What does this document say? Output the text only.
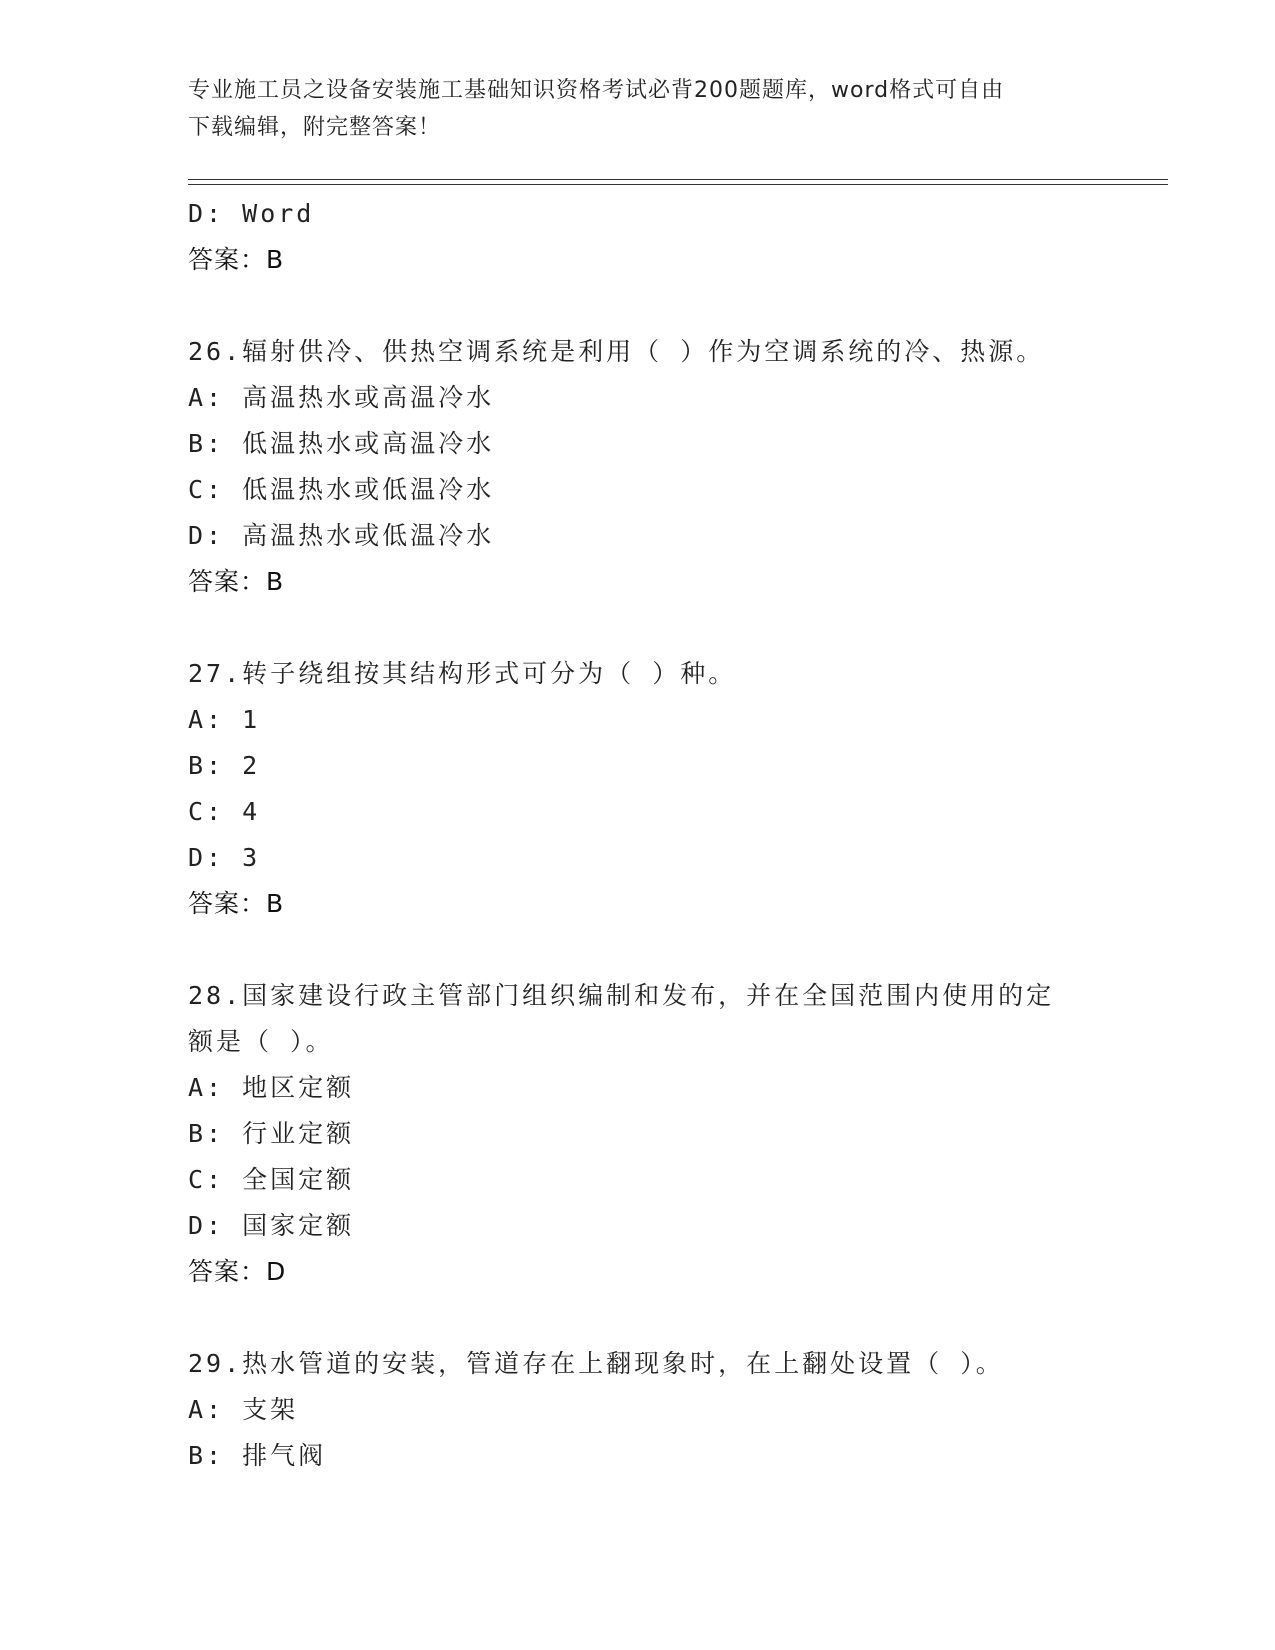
专业施工员之设备安装施工基础知识资格考试必背200题题库，word格式可自由
下载编辑，附完整答案！
D: Word
答案：B
26.辐射供冷、供热空调系统是利用（ ）作为空调系统的冷、热源。
A: 高温热水或高温冷水
B: 低温热水或高温冷水
C: 低温热水或低温冷水
D: 高温热水或低温冷水
答案：B
27.转子绕组按其结构形式可分为（ ）种。
A: 1
B: 2
C: 4
D: 3
答案：B
28.国家建设行政主管部门组织编制和发布，并在全国范围内使用的定
额是（ ）。
A: 地区定额
B: 行业定额
C: 全国定额
D: 国家定额
答案：D
29.热水管道的安装，管道存在上翻现象时，在上翻处设置（ ）。
A: 支架
B: 排气阀
